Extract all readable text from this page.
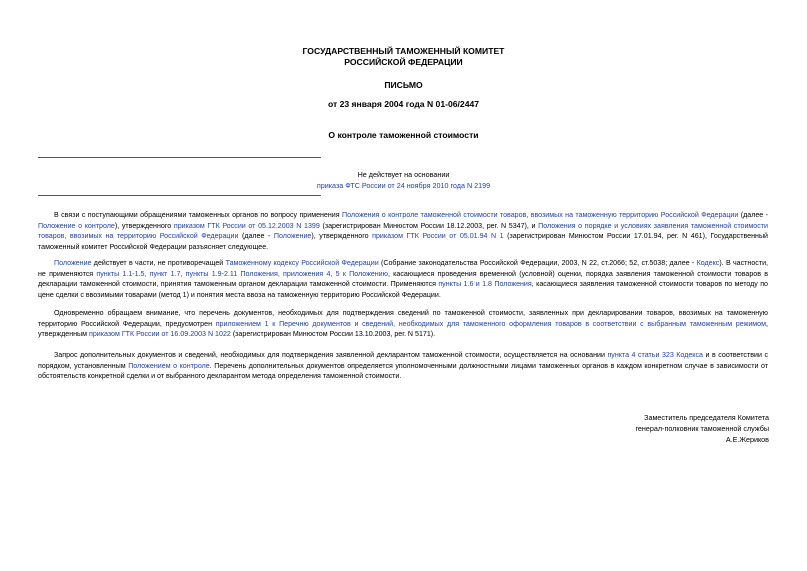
ГОСУДАРСТВЕННЫЙ ТАМОЖЕННЫЙ КОМИТЕТ
РОССИЙСКОЙ ФЕДЕРАЦИИ
ПИСЬМО
от 23 января 2004 года N 01-06/2447
О контроле таможенной стоимости
Не действует на основании
приказа ФТС России от 24 ноября 2010 года N 2199
В связи с поступающими обращениями таможенных органов по вопросу применения Положения о контроле таможенной стоимости товаров, ввозимых на таможенную территорию Российской Федерации (далее - Положение о контроле), утвержденного приказом ГТК России от 05.12.2003 N 1399 (зарегистрирован Минюстом России 18.12.2003, рег. N 5347), и Положения о порядке и условиях заявления таможенной стоимости товаров, ввозимых на территорию Российской Федерации (далее - Положение), утвержденного приказом ГТК России от 05.01.94 N 1 (зарегистрирован Минюстом России 17.01.94, рег. N 461), Государственный таможенный комитет Российской Федерации разъясняет следующее.
Положение действует в части, не противоречащей Таможенному кодексу Российской Федерации (Собрание законодательства Российской Федерации, 2003, N 22, ст.2066; 52, ст.5038; далее - Кодекс). В частности, не применяются пункты 1.1-1.5, пункт 1.7, пункты 1.9-2.11 Положения, приложения 4, 5 к Положению, касающиеся проведения временной (условной) оценки, порядка заявления таможенной стоимости товаров в декларации таможенной стоимости, принятия таможенным органом декларации таможенной стоимости. Применяются пункты 1.6 и 1.8 Положения, касающиеся заявления таможенной стоимости товаров по методу по цене сделки с ввозимыми товарами (метод 1) и понятия места ввоза на таможенную территорию Российской Федерации.
Одновременно обращаем внимание, что перечень документов, необходимых для подтверждения сведений по таможенной стоимости, заявленных при декларировании товаров, ввозимых на таможенную территорию Российской Федерации, предусмотрен приложением 1 к Перечню документов и сведений, необходимых для таможенного оформления товаров в соответствии с выбранным таможенным режимом, утвержденным приказом ГТК России от 16.09.2003 N 1022 (зарегистрирован Минюстом России 13.10.2003, рег. N 5171).
Запрос дополнительных документов и сведений, необходимых для подтверждения заявленной декларантом таможенной стоимости, осуществляется на основании пункта 4 статьи 323 Кодекса и в соответствии с порядком, установленным Положением о контроле. Перечень дополнительных документов определяется уполномоченными должностными лицами таможенных органов в каждом конкретном случае в зависимости от обстоятельств конкретной сделки и от выбранного декларантом метода определения таможенной стоимости.
Заместитель председателя Комитета
генерал-полковник таможенной службы
А.Е.Жериков
